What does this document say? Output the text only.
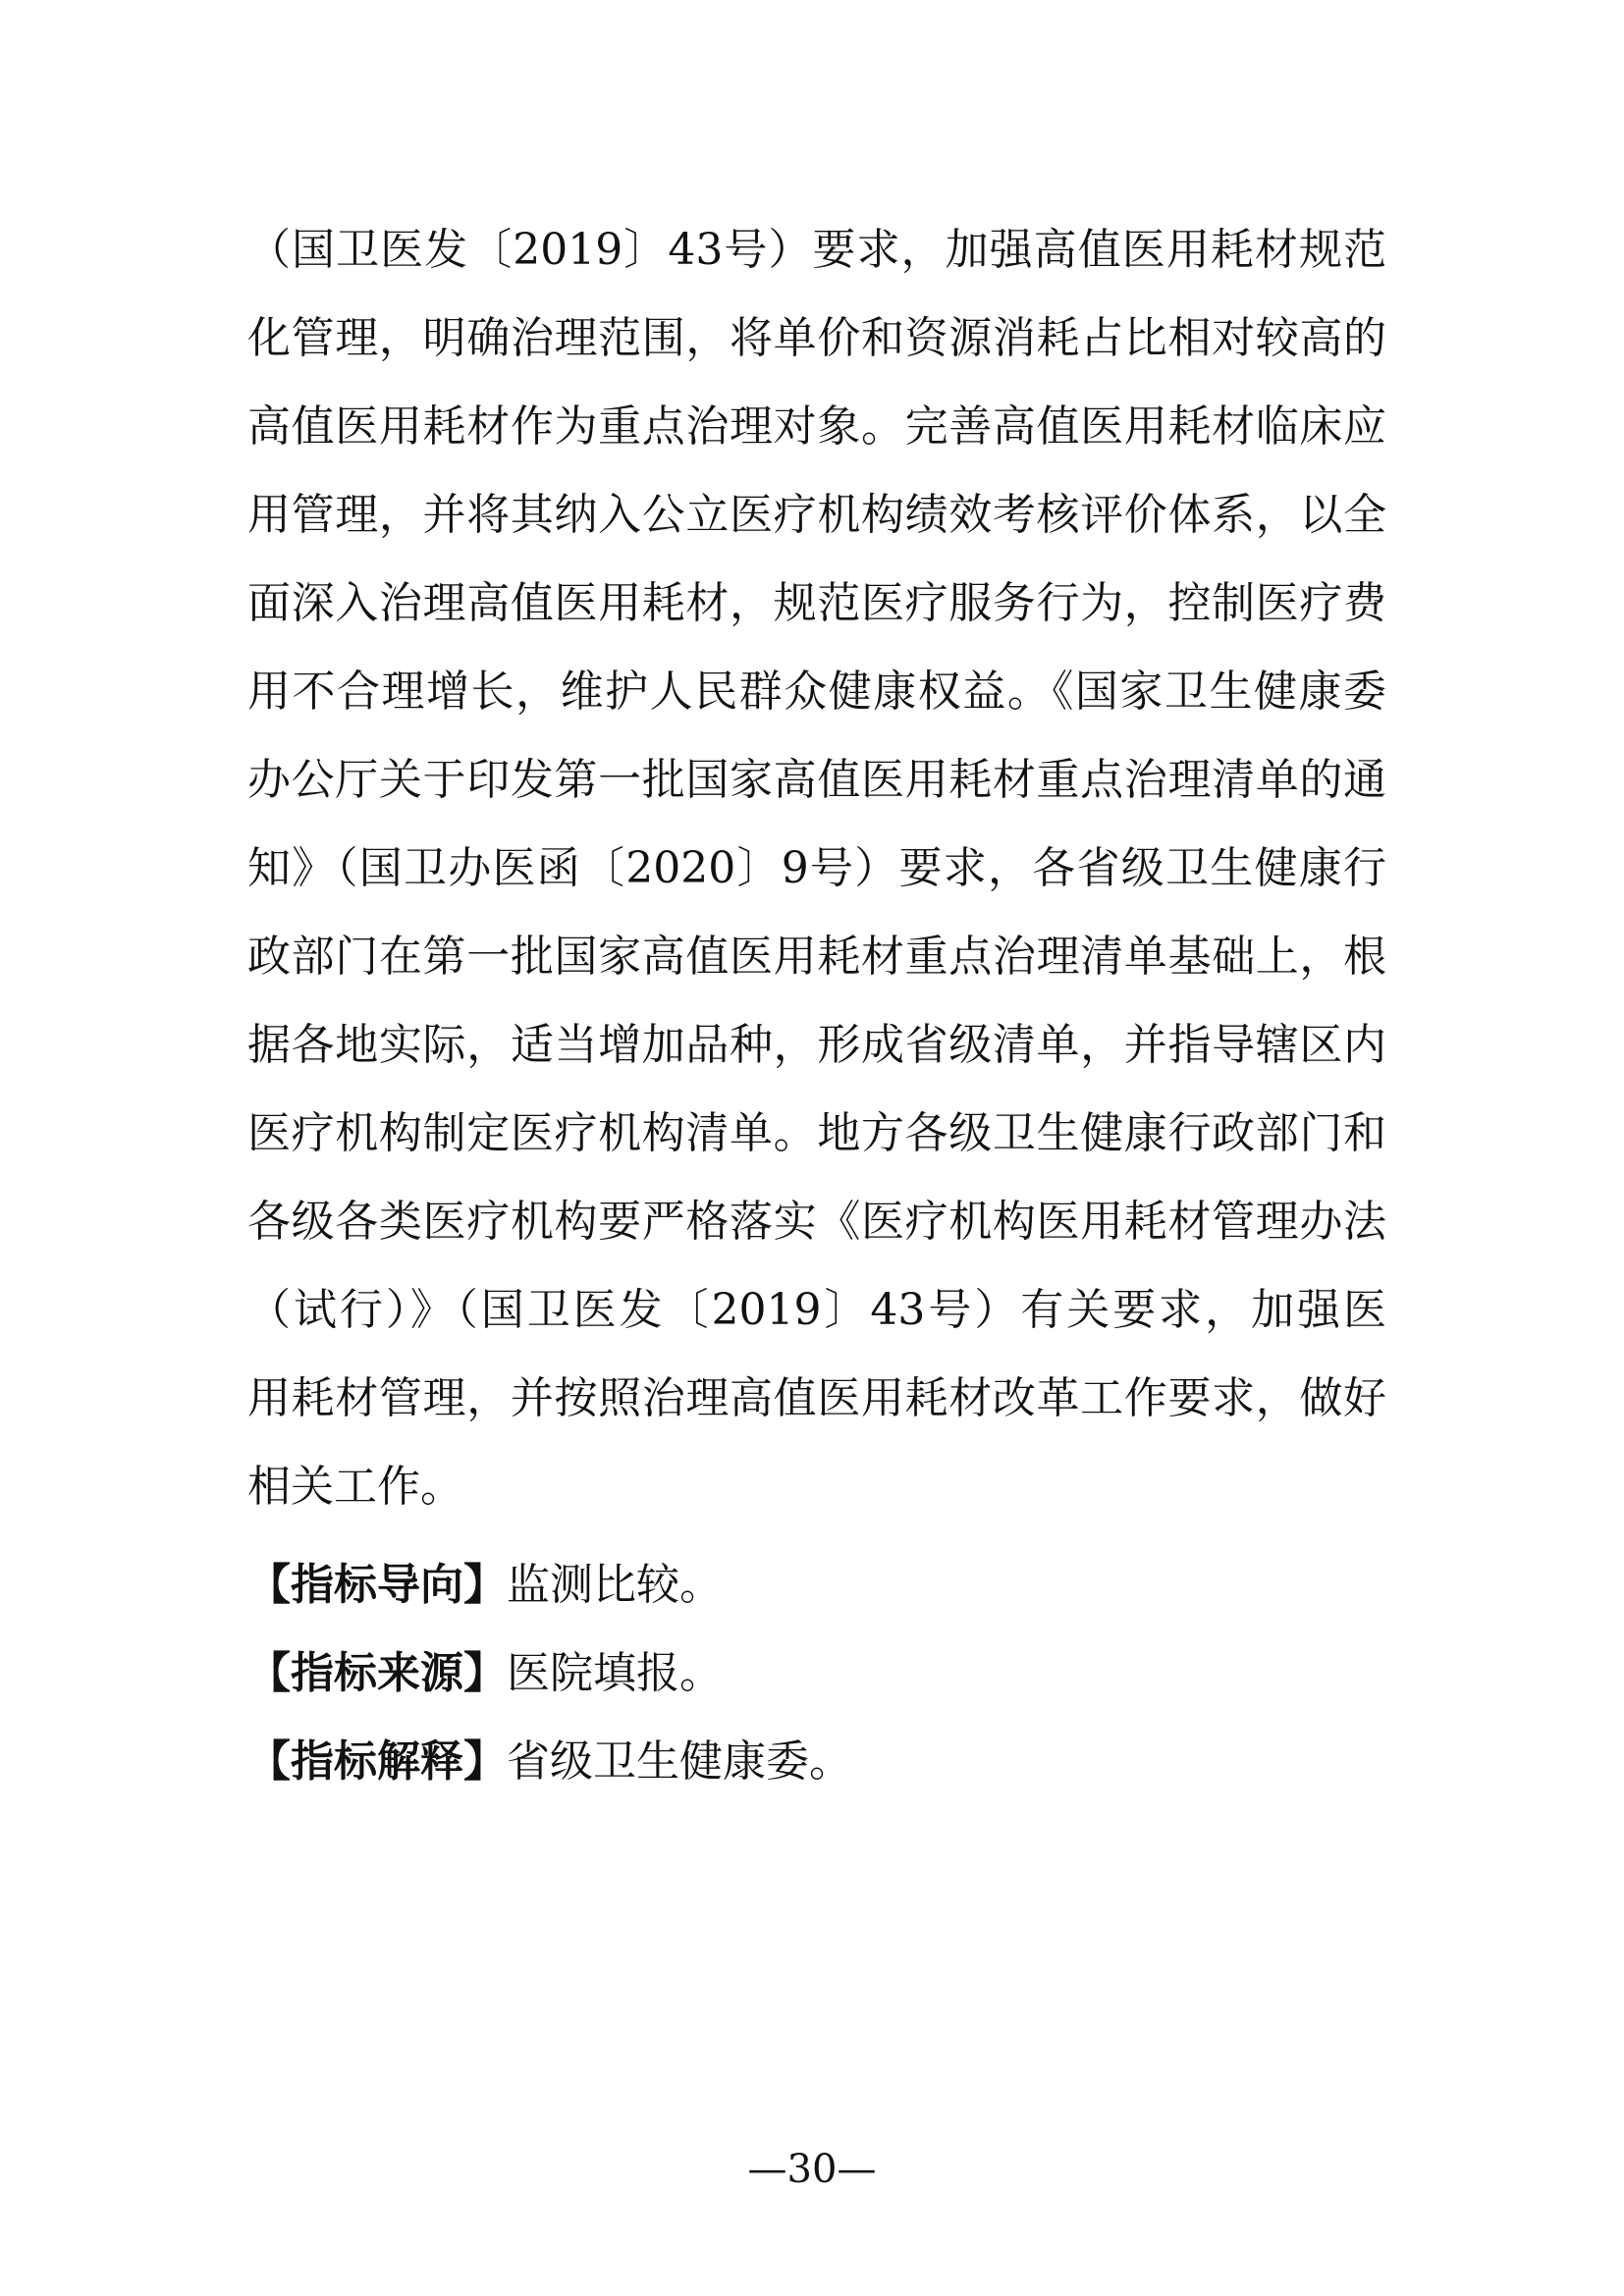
（国卫医发〔2019〕43号）要求，加强高值医用耗材规范
化管理，明确治理范围，将单价和资源消耗占比相对较高的
高值医用耗材作为重点治理对象。完善高值医用耗材临床应
用管理，并将其纳入公立医疗机构绩效考核评价体系，以全
面深入治理高值医用耗材，规范医疗服务行为，控制医疗费
用不合理增长，维护人民群众健康权益。《国家卫生健康委
办公厅关于印发第一批国家高值医用耗材重点治理清单的通
知》（国卫办医函〔2020〕9号）要求，各省级卫生健康行
政部门在第一批国家高值医用耗材重点治理清单基础上，根
据各地实际，适当增加品种，形成省级清单，并指导辖区内
医疗机构制定医疗机构清单。地方各级卫生健康行政部门和
各级各类医疗机构要严格落实《医疗机构医用耗材管理办法
（试行）》（国卫医发〔2019〕43号）有关要求，加强医
用耗材管理，并按照治理高值医用耗材改革工作要求，做好
相关工作。
【指标导向】监测比较。
【指标来源】医院填报。
【指标解释】省级卫生健康委。
—30—
